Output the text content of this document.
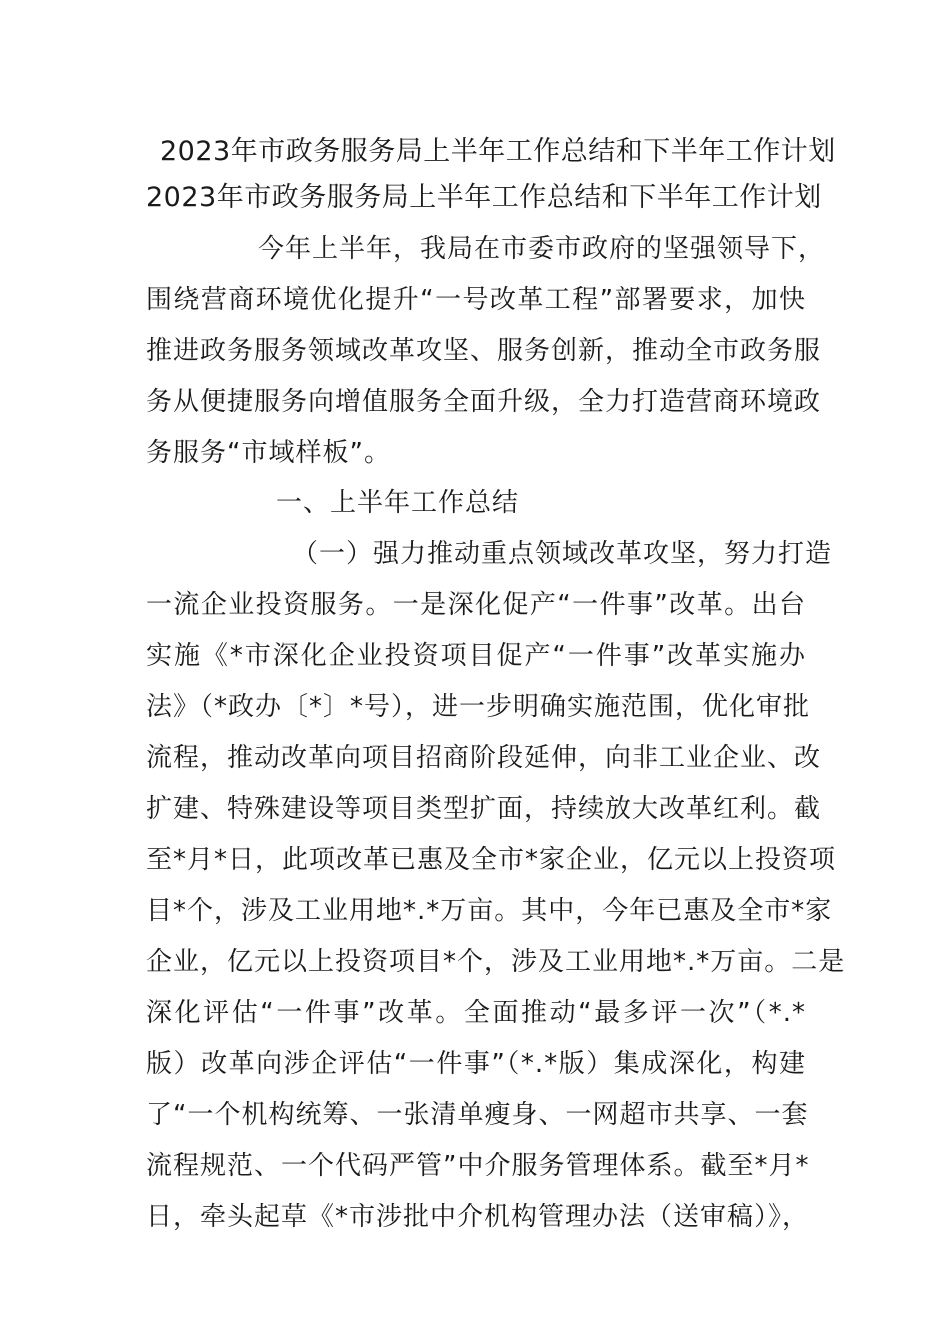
2023年市政务服务局上半年工作总结和下半年工作计划
2023年市政务服务局上半年工作总结和下半年工作计划
今年上半年，我局在市委市政府的坚强领导下，
围绕营商环境优化提升“一号改革工程”部署要求，加快
推进政务服务领域改革攻坚、服务创新，推动全市政务服
务从便捷服务向增值服务全面升级，全力打造营商环境政
务服务“市域样板”。
一、上半年工作总结
（一）强力推动重点领域改革攻坚，努力打造
一流企业投资服务。一是深化促产“一件事”改革。出台
实施《*市深化企业投资项目促产“一件事”改革实施办
法》（*政办〔*〕*号），进一步明确实施范围，优化审批
流程，推动改革向项目招商阶段延伸，向非工业企业、改
扩建、特殊建设等项目类型扩面，持续放大改革红利。截
至*月*日，此项改革已惠及全市*家企业，亿元以上投资项
目*个，涉及工业用地*.*万亩。其中，今年已惠及全市*家
企业，亿元以上投资项目*个，涉及工业用地*.*万亩。二是
深化评估“一件事”改革。全面推动“最多评一次”（*.*
版）改革向涉企评估“一件事”（*.*版）集成深化，构建
了“一个机构统筹、一张清单瘦身、一网超市共享、一套
流程规范、一个代码严管”中介服务管理体系。截至*月*
日，牵头起草《*市涉批中介机构管理办法（送审稿）》，
